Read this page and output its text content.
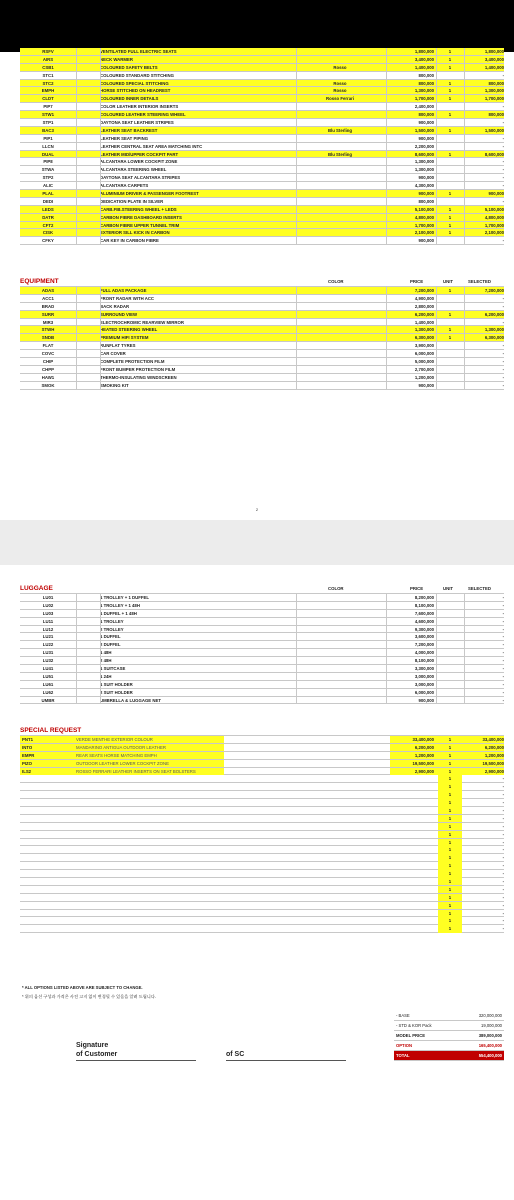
RSFV	VENTILATED FULL ELECTRIC SEATS	1,800,000	1	1,800,000
AIRS	NECK WARMER	3,400,000	1	3,400,000
CSB1	COLOURED SAFETY BELTS	Rosso	1,400,000	1	1,400,000
STC1	COLOURED STANDARD STITCHING	800,000	-
STC2	COLOURED SPECIAL STITCHING	Rosso	800,000	1	800,000
EMPH	HORSE STITCHED ON HEADREST	Rosso	1,300,000	1	1,300,000
CLDT	COLOURED INNER DETAILS	Rosso Ferrari	1,700,000	1	1,700,000
PIP7	COLOR LEATHER INTERIOR INSERTS	2,400,000	-
STW1	COLOURED LEATHER STEERING WHEEL	800,000	1	800,000
STP1	DAYTONA SEAT LEATHER STRIPES	900,000	-
BAC3	LEATHER SEAT BACKREST	Blu Sterling	1,500,000	1	1,500,000
PIP1	LEATHER SEAT PIPING	900,000	-
LLCN	LEATHER CENTRAL SEAT AREA MATCHING INTC	2,200,000	-
DUAL	LEATHER MID/UPPER COCKPIT PART	Blu Sterling	8,600,000	1	8,600,000
PIP8	ALCANTARA LOWER COCKPIT ZONE	1,300,000	-
STWA	ALCANTARA STEERING WHEEL	1,300,000	-
STP2	DAYTONA SEAT ALCANTARA STRIPES	900,000	-
ALIC	ALCANTARA CARPETS	4,300,000	-
PLAL	ALUMINIUM DRIVER & PASSENGER FOOTREST	900,000	1	900,000
DEDI	DEDICATION PLATE IN SILVER	800,000	-
LEDS	CARB.FIB.STEERING WHEEL + LEDS	5,100,000	1	5,100,000
DATR	CARBON FIBRE DASHBOARD INSERTS	4,800,000	1	4,800,000
CFT2	CARBON FIBRE UPPER TUNNEL TRIM	1,700,000	1	1,700,000
CISK	EXTERIOR SILL KICK IN CARBON	2,100,000	1	2,100,000
CFKY	CAR KEY IN CARBON FIBRE	900,000	-
EQUIPMENT	COLOR	PRICE	UNIT	SELECTED
ADAS	FULL ADAS PACKAGE	7,200,000	1	7,200,000
ACC1	FRONT RADAR WITH ACC	4,900,000	-
BRAD	BACK RADAR	2,800,000	-
SURR	SURROUND VIEW	6,200,000	1	6,200,000
MIR3	ELECTROCHROMIC REARVIEW MIRROR	1,400,000	-
STWH	HEATED STEERING WHEEL	1,300,000	1	1,300,000
SNDB	PREMIUM HIFI SYSTEM	6,300,000	1	6,300,000
FLAT	RUNFLAT TYRES	3,900,000	-
COVC	CAR COVER	6,000,000	-
CHIP	COMPLETE PROTECTION FILM	5,000,000	-
CHPP	FRONT BUMPER PROTECTION FILM	2,700,000	-
HAW1	THERMO-INSULATING WINDSCREEN	1,200,000	-
SMOK	SMOKING KIT	900,000	-
2
LUGGAGE	COLOR	PRICE	UNIT	SELECTED
LU01	1 TROLLEY + 1 DUFFEL	8,200,000	-
LU02	1 TROLLEY + 1 48H	8,100,000	-
LU03	1 DUFFEL + 1 48H	7,600,000	-
LU11	1 TROLLEY	4,600,000	-
LU12	2 TROLLEY	9,300,000	-
LU21	1 DUFFEL	3,600,000	-
LU22	2 DUFFEL	7,200,000	-
LU31	1 48H	4,000,000	-
LU32	2 48H	8,100,000	-
LU41	1 SUITCASE	3,300,000	-
LU51	1 24H	3,000,000	-
LU61	1 SUIT HOLDER	3,000,000	-
LU62	2 SUIT HOLDER	6,000,000	-
UMBR	UMBRELLA & LUGGAGE NET	900,000	-
SPECIAL REQUEST
PNT1	VERDE MENTHE EXTERIOR COLOUR	33,400,000	1	33,400,000
INTO	MANDARINO ANTIGUA OUTDOOR LEATHER	6,200,000	1	6,200,000
EMPR	REAR SEATS HORSE MATCHING EMPH	1,200,000	1	1,200,000
PIZO	OUTDOOR LEATHER LOWER COCKPIT ZONE	19,500,000	1	19,500,000
ILS2	ROSSO FERRARI LEATHER INSERTS ON SEAT BOLSTERS	2,900,000	1	2,900,000
1	-
1	-
1	-
1	-
1	-
1	-
1	-
1	-
1	-
1	-
1	-
1	-
1	-
1	-
1	-
1	-
1	-
1	-
1	-
1	-
* ALL OPTIONS LISTED ABOVE ARE SUBJECT TO CHANGE.
* 위의 옵션 구성과 가격은 사전 고지 없이 변경될 수 있음을 알려 드립니다.
Signature
of Customer	of SC
- BASE	320,000,000
- STD & KOR Pack	19,000,000
MODEL PRICE	389,000,000
OPTION	165,400,000
TOTAL	554,400,000
